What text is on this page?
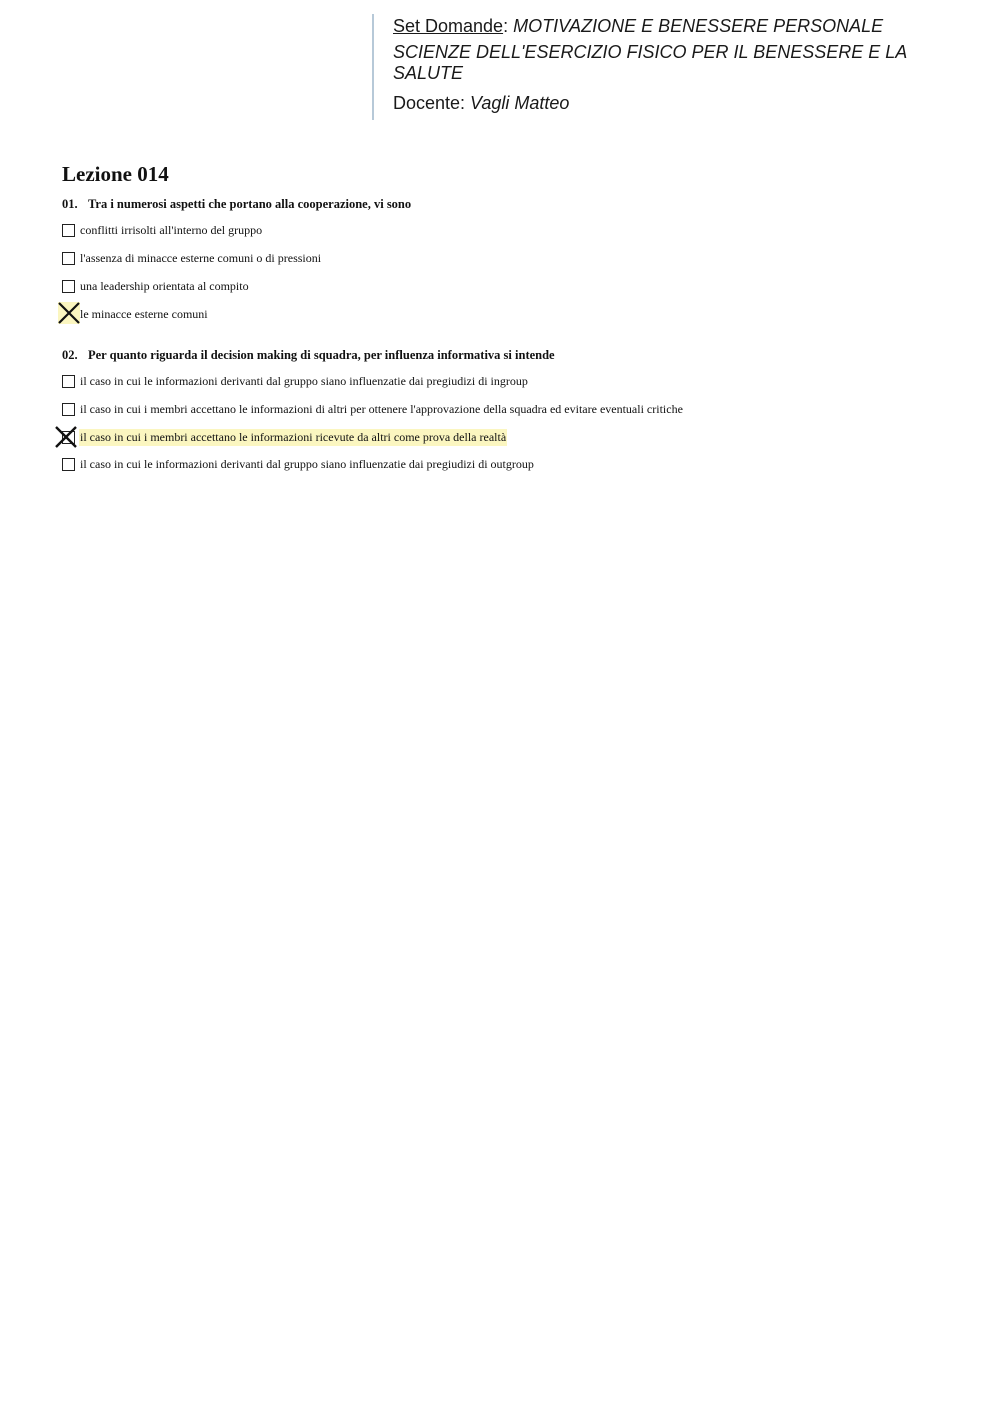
Set Domande: MOTIVAZIONE E BENESSERE PERSONALE
SCIENZE DELL'ESERCIZIO FISICO PER IL BENESSERE E LA
SALUTE
Docente: Vagli Matteo
Lezione 014
01. Tra i numerosi aspetti che portano alla cooperazione, vi sono
conflitti irrisolti all'interno del gruppo
l'assenza di minacce esterne comuni o di pressioni
una leadership orientata al compito
le minacce esterne comuni
02. Per quanto riguarda il decision making di squadra, per influenza informativa si intende
il caso in cui le informazioni derivanti dal gruppo siano influenzatie dai pregiudizi di ingroup
il caso in cui i membri accettano le informazioni di altri per ottenere l'approvazione della squadra ed evitare eventuali critiche
il caso in cui i membri accettano le informazioni ricevute da altri come prova della realtà
il caso in cui le informazioni derivanti dal gruppo siano influenzatie dai pregiudizi di outgroup
